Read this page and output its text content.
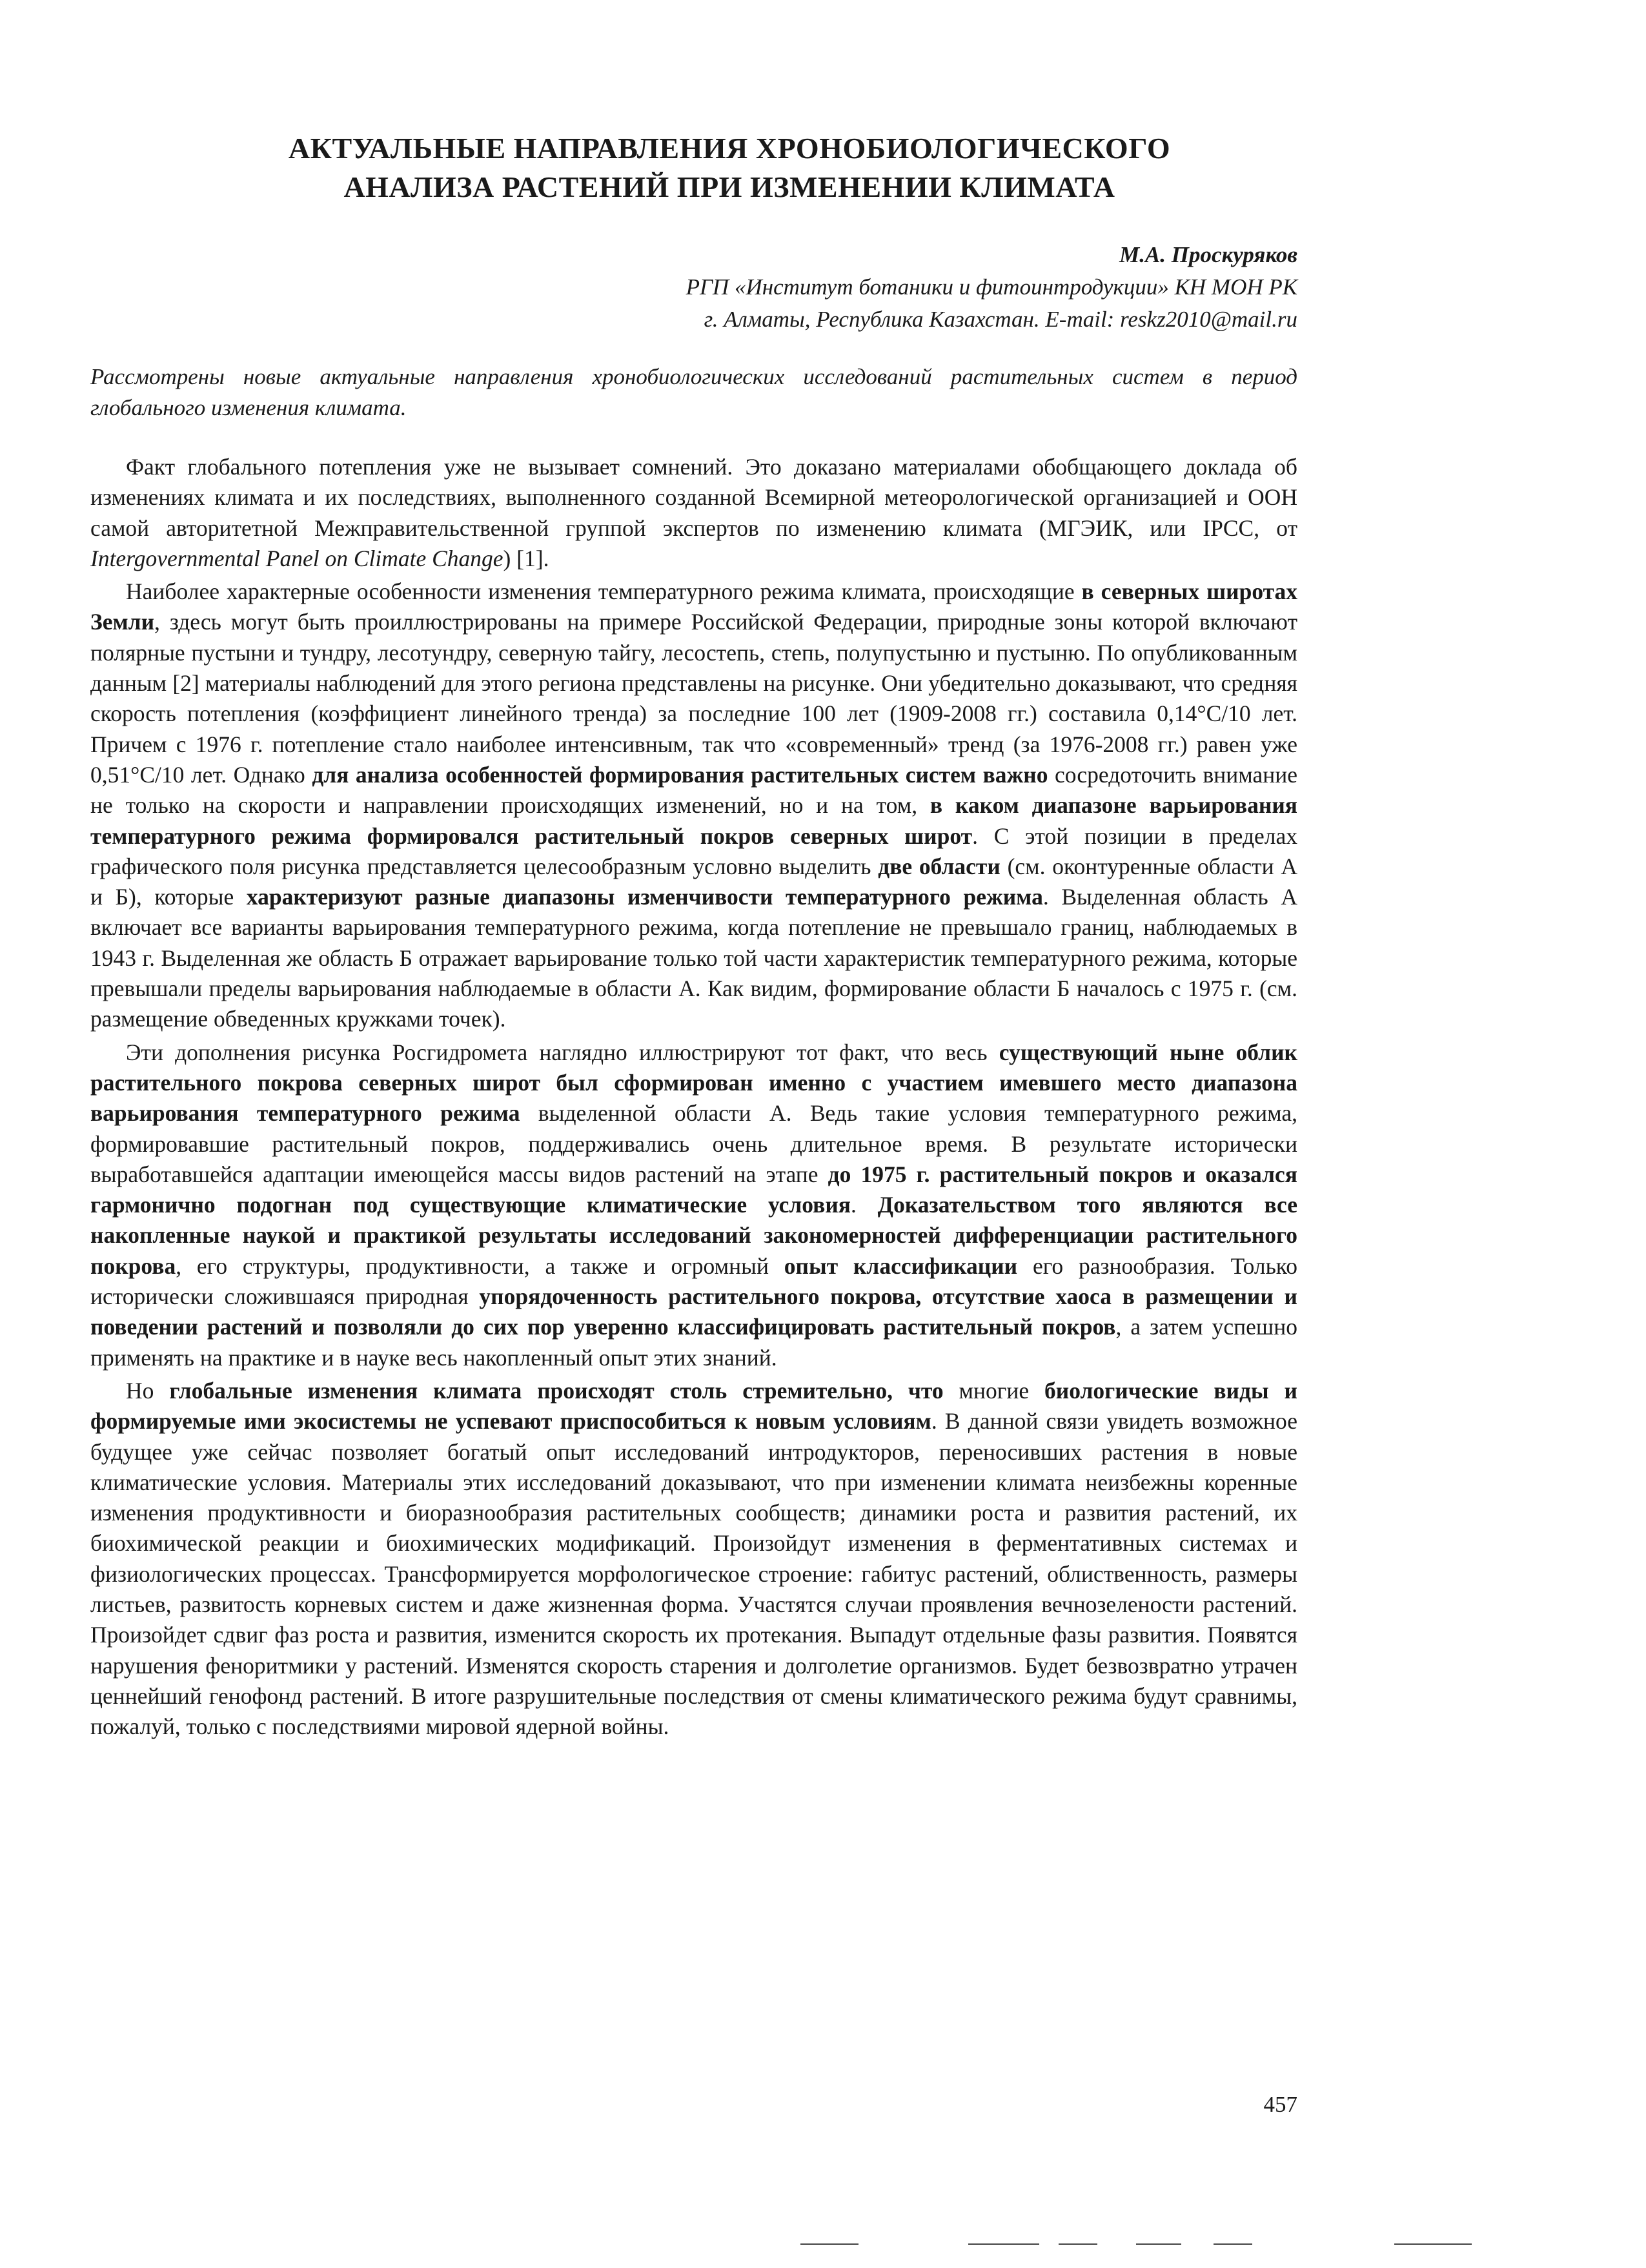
АКТУАЛЬНЫЕ НАПРАВЛЕНИЯ ХРОНОБИОЛОГИЧЕСКОГО
АНАЛИЗА РАСТЕНИЙ ПРИ ИЗМЕНЕНИИ КЛИМАТА
М.А. Проскуряков
РГП «Институт ботаники и фитоинтродукции» КН МОН РК
г. Алматы, Республика Казахстан. E-mail: reskz2010@mail.ru
Рассмотрены новые актуальные направления хронобиологических исследований растительных систем в период глобального изменения климата.

Факт глобального потепления уже не вызывает сомнений. Это доказано материалами обобщающего доклада об изменениях климата и их последствиях, выполненного созданной Всемирной метеорологической организацией и ООН самой авторитетной Межправительственной группой экспертов по изменению климата (МГЭИК, или IPCC, от Intergovernmental Panel on Climate Change) [1].

Наиболее характерные особенности изменения температурного режима климата, происходящие в северных широтах Земли, здесь могут быть проиллюстрированы на примере Российской Федерации, природные зоны которой включают полярные пустыни и тундру, лесотундру, северную тайгу, лесостепь, степь, полупустыню и пустыню. По опубликованным данным [2] материалы наблюдений для этого региона представлены на рисунке. Они убедительно доказывают, что средняя скорость потепления (коэффициент линейного тренда) за последние 100 лет (1909-2008 гг.) составила 0,14°С/10 лет. Причем с 1976 г. потепление стало наиболее интенсивным, так что «современный» тренд (за 1976-2008 гг.) равен уже 0,51°С/10 лет. Однако для анализа особенностей формирования растительных систем важно сосредоточить внимание не только на скорости и направлении происходящих изменений, но и на том, в каком диапазоне варьирования температурного режима формировался растительный покров северных широт. С этой позиции в пределах графического поля рисунка представляется целесообразным условно выделить две области (см. оконтуренные области А и Б), которые характеризуют разные диапазоны изменчивости температурного режима. Выделенная область А включает все варианты варьирования температурного режима, когда потепление не превышало границ, наблюдаемых в 1943 г. Выделенная же область Б отражает варьирование только той части характеристик температурного режима, которые превышали пределы варьирования наблюдаемые в области А. Как видим, формирование области Б началось с 1975 г. (см. размещение обведенных кружками точек).

Эти дополнения рисунка Росгидромета наглядно иллюстрируют тот факт, что весь существующий ныне облик растительного покрова северных широт был сформирован именно с участием имевшего место диапазона варьирования температурного режима выделенной области А. Ведь такие условия температурного режима, формировавшие растительный покров, поддерживались очень длительное время. В результате исторически выработавшейся адаптации имеющейся массы видов растений на этапе до 1975 г. растительный покров и оказался гармонично подогнан под существующие климатические условия. Доказательством того являются все накопленные наукой и практикой результаты исследований закономерностей дифференциации растительного покрова, его структуры, продуктивности, а также и огромный опыт классификации его разнообразия. Только исторически сложившаяся природная упорядоченность растительного покрова, отсутствие хаоса в размещении и поведении растений и позволяли до сих пор уверенно классифицировать растительный покров, а затем успешно применять на практике и в науке весь накопленный опыт этих знаний.

Но глобальные изменения климата происходят столь стремительно, что многие биологические виды и формируемые ими экосистемы не успевают приспособиться к новым условиям. В данной связи увидеть возможное будущее уже сейчас позволяет богатый опыт исследований интродукторов, переносивших растения в новые климатические условия. Материалы этих исследований доказывают, что при изменении климата неизбежны коренные изменения продуктивности и биоразнообразия растительных сообществ; динамики роста и развития растений, их биохимической реакции и биохимических модификаций. Произойдут изменения в ферментативных системах и физиологических процессах. Трансформируется морфологическое строение: габитус растений, облиственность, размеры листьев, развитость корневых систем и даже жизненная форма. Участятся случаи проявления вечнозелености растений. Произойдет сдвиг фаз роста и развития, изменится скорость их протекания. Выпадут отдельные фазы развития. Появятся нарушения феноритмики у растений. Изменятся скорость старения и долголетие организмов. Будет безвозвратно утрачен ценнейший генофонд растений. В итоге разрушительные последствия от смены климатического режима будут сравнимы, пожалуй, только с последствиями мировой ядерной войны.

457
